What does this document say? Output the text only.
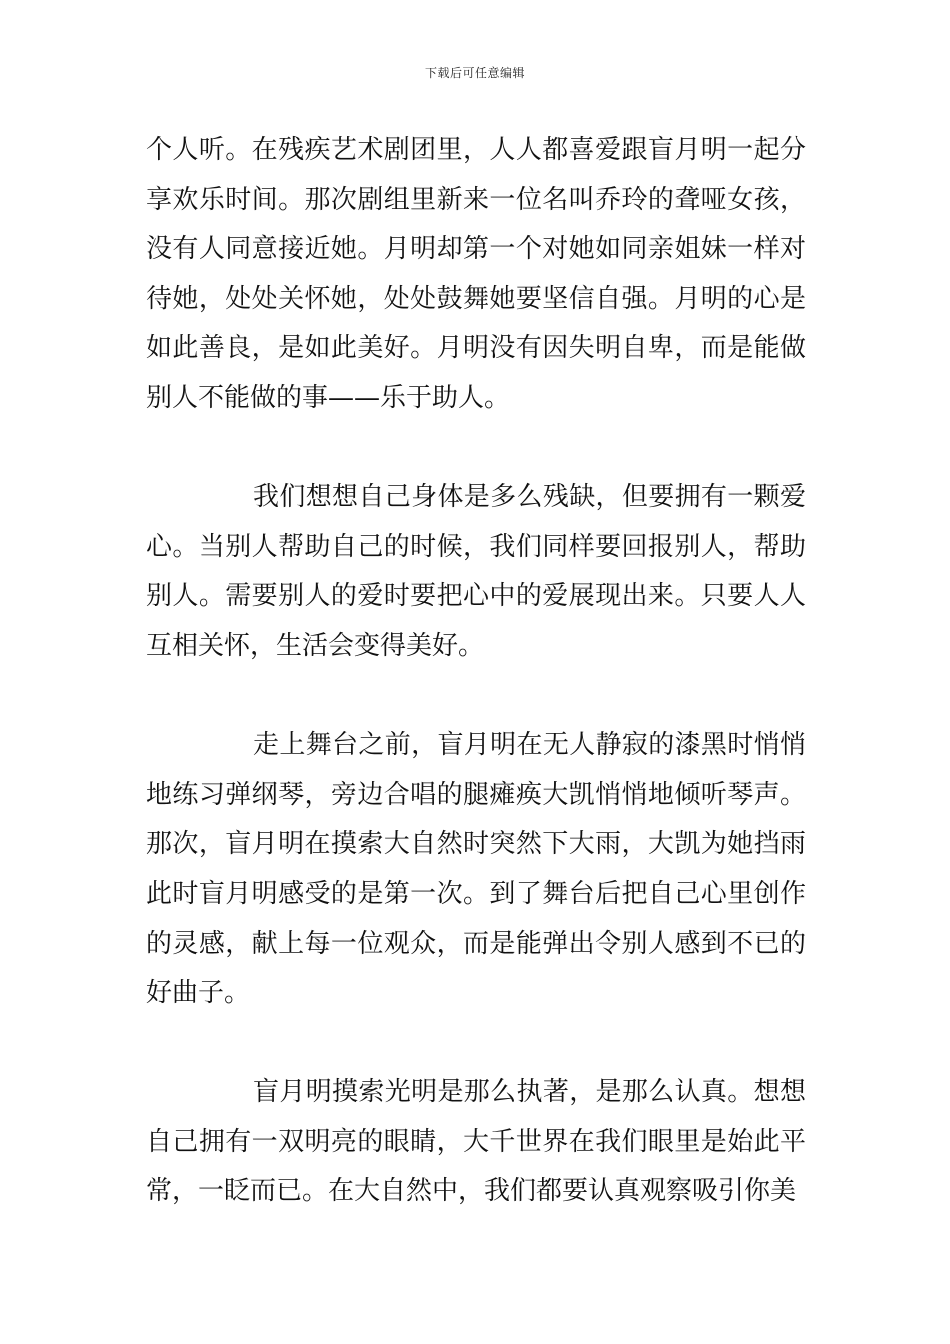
下载后可任意编辑

个人听。在残疾艺术剧团里，人人都喜爱跟盲月明一起分享欢乐时间。那次剧组里新来一位名叫乔玲的聋哑女孩，没有人同意接近她。月明却第一个对她如同亲姐妹一样对待她，处处关怀她，处处鼓舞她要坚信自强。月明的心是如此善良，是如此美好。月明没有因失明自卑，而是能做别人不能做的事——乐于助人。

我们想想自己身体是多么残缺，但要拥有一颗爱心。当别人帮助自己的时候，我们同样要回报别人，帮助别人。需要别人的爱时要把心中的爱展现出来。只要人人互相关怀，生活会变得美好。

走上舞台之前，盲月明在无人静寂的漆黑时悄悄地练习弹纲琴，旁边合唱的腿瘫痪大凯悄悄地倾听琴声。那次，盲月明在摸索大自然时突然下大雨，大凯为她挡雨此时盲月明感受的是第一次。到了舞台后把自己心里创作的灵感，献上每一位观众，而是能弹出令别人感到不已的好曲子。

盲月明摸索光明是那么执著，是那么认真。想想自己拥有一双明亮的眼睛，大千世界在我们眼里是始此平常，一眨而已。在大自然中，我们都要认真观察吸引你美
